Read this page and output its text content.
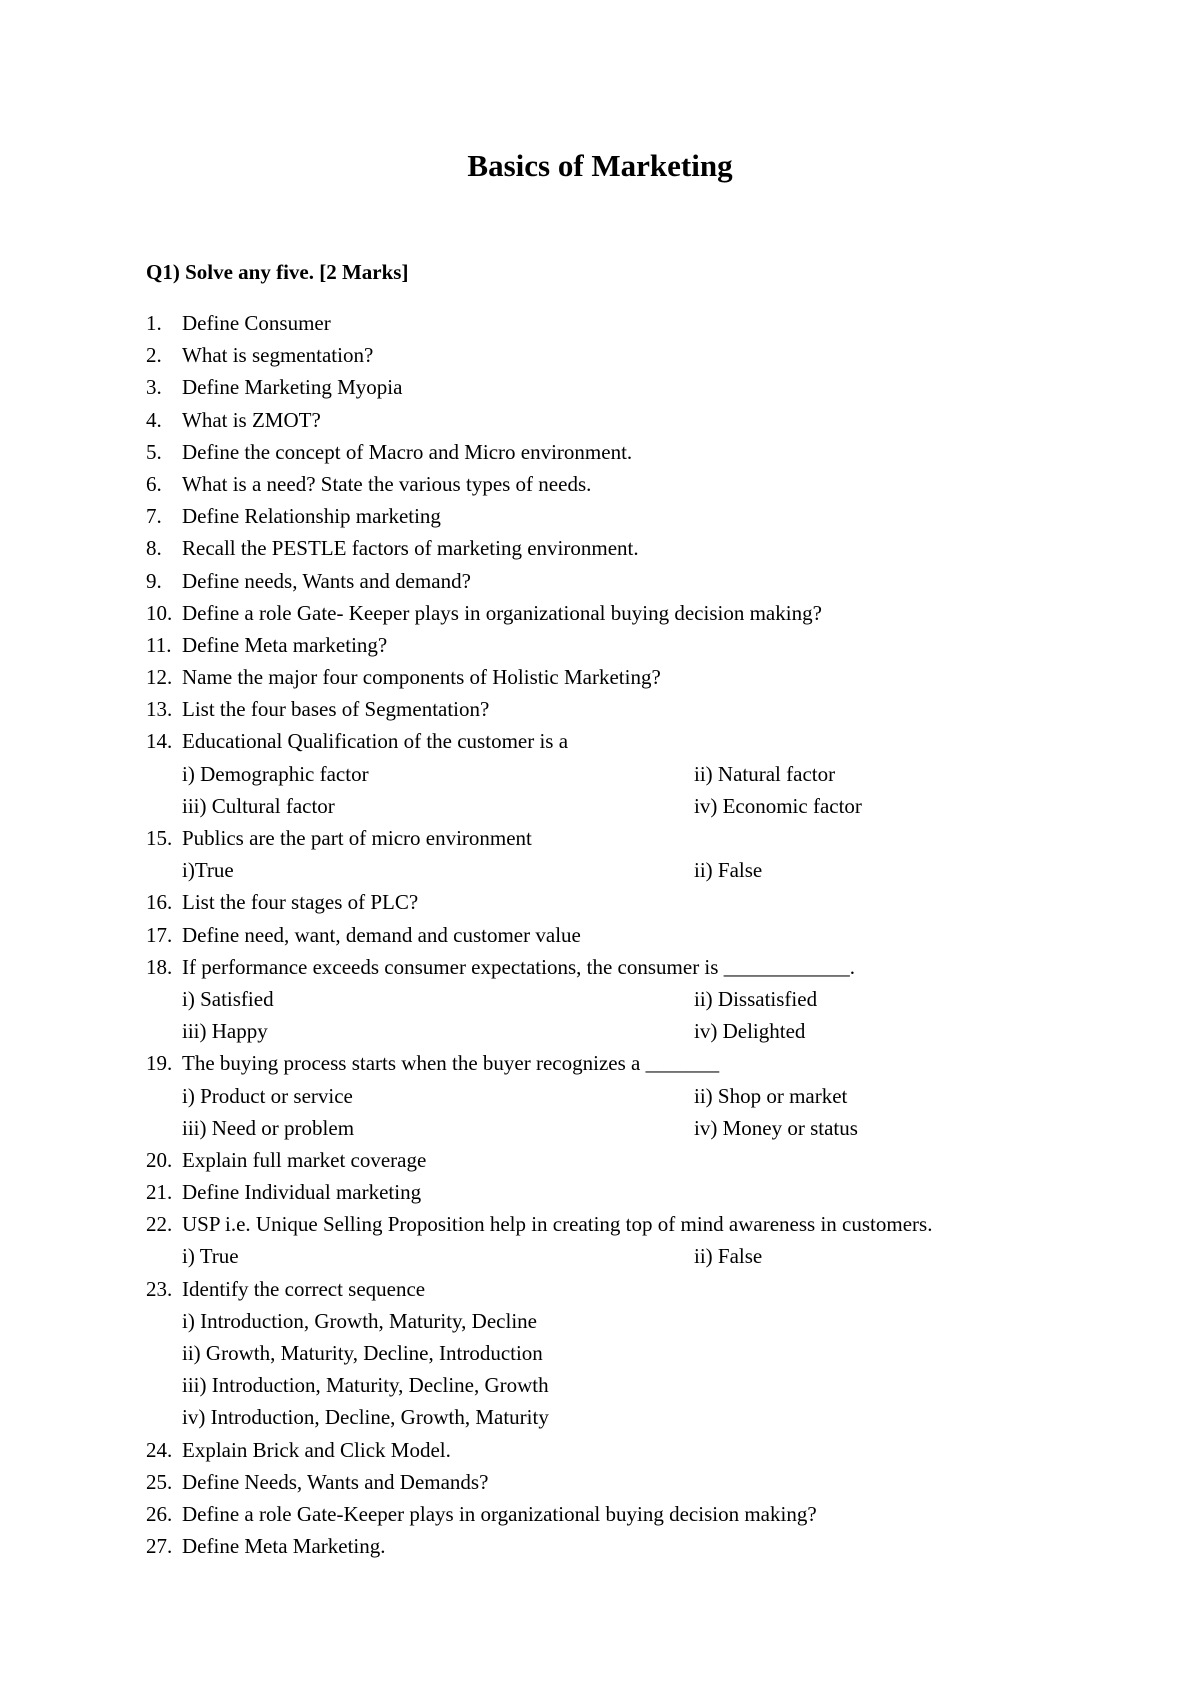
Basics of Marketing
Q1) Solve any five. [2 Marks]
1. Define Consumer
2. What is segmentation?
3. Define Marketing Myopia
4. What is ZMOT?
5. Define the concept of Macro and Micro environment.
6. What is a need? State the various types of needs.
7. Define Relationship marketing
8. Recall the PESTLE factors of marketing environment.
9. Define needs, Wants and demand?
10. Define a role Gate- Keeper plays in organizational buying decision making?
11. Define Meta marketing?
12. Name the major four components of Holistic Marketing?
13. List the four bases of Segmentation?
14. Educational Qualification of the customer is a
i) Demographic factor	ii) Natural factor
iii) Cultural factor	iv) Economic factor
15. Publics are the part of micro environment
i)True	ii) False
16. List the four stages of PLC?
17. Define need, want, demand and customer value
18. If performance exceeds consumer expectations, the consumer is ____________.
i) Satisfied	ii) Dissatisfied
iii) Happy	iv) Delighted
19. The buying process starts when the buyer recognizes a _______
i) Product or service	ii) Shop or market
iii) Need or problem	iv) Money or status
20. Explain full market coverage
21. Define Individual marketing
22. USP i.e. Unique Selling Proposition help in creating top of mind awareness in customers.
i) True	ii) False
23. Identify the correct sequence
i) Introduction, Growth, Maturity, Decline
ii) Growth, Maturity, Decline, Introduction
iii) Introduction, Maturity, Decline, Growth
iv) Introduction, Decline, Growth, Maturity
24. Explain Brick and Click Model.
25. Define Needs, Wants and Demands?
26. Define a role Gate-Keeper plays in organizational buying decision making?
27. Define Meta Marketing.
